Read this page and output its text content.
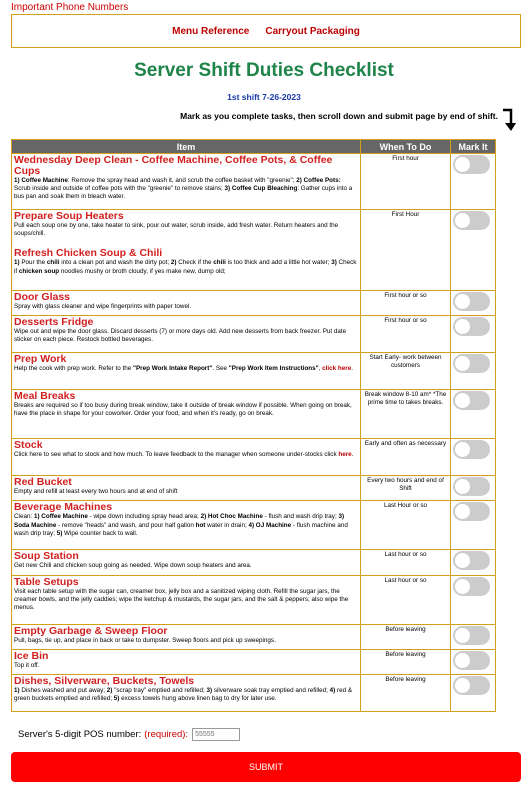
Important Phone Numbers
Menu Reference Carryout Packaging
Server Shift Duties Checklist
1st shift 7-26-2023
Mark as you complete tasks, then scroll down and submit page by end of shift.
Item	When To Do	Mark It

Wednesday Deep Clean - Coffee Machine, Coffee Pots, & Coffee Cups
1) Coffee Machine: Remove the spray head and wash it, and scrub the coffee basket with "greenie"; 2) Coffee Pots: Scrub inside and outside of coffee pots with the "greenie" to remove stains; 3) Coffee Cup Bleaching: Gather cups into a bus pan and soak them in bleach water.	First hour	

Prepare Soup Heaters
Pull each soup one by one, take heater to sink, pour out water, scrub inside, add fresh water. Return heaters and the soups/chill.
Refresh Chicken Soup & Chili
1) Pour the chili into a clean pot and wash the dirty pot; 2) Check if the chili is too thick and add a little hot water; 3) Check if chicken soup noodles mushy or broth cloudy, if yes make new, dump old;	First Hour	

Door Glass
Spray with glass cleaner and wipe fingerprints with paper towel.	First hour or so	

Desserts Fridge
Wipe out and wipe the door glass. Discard desserts (7) or more days old. Add new desserts from back freezer. Put date sticker on each piece. Restock bottled beverages.	First hour or so	

Prep Work
Help the cook with prep work. Refer to the "Prep Work Intake Report". See "Prep Work Item Instructions", click here.	Start Early- work between customers	

Meal Breaks
Breaks are required so if too busy during break window, take it outside of break window if possible. When going on break, have the place in shape for your coworker. Order your food, and when it's ready, go on break.	Break window 8-10 am* *The prime time to takes breaks.	

Stock
Click here to see what to stock and how much. To leave feedback to the manager when someone under-stocks click here.	Early and often as necessary	

Red Bucket
Empty and refill at least every two hours and at end of shift	Every two hours and end of Shift	

Beverage Machines
Clean: 1) Coffee Machine - wipe down including spray head area; 2) Hot Choc Machine - flush and wash drip tray; 3) Soda Machine - remove "heads" and wash, and pour half gallon hot water in drain; 4) OJ Machine - flush machine and wash drip tray; 5) Wipe counter back to wall.	Last Hour or so	

Soup Station
Get new Chili and chicken soup going as needed. Wipe down soup heaters and area.	Last hour or so	

Table Setups
Visit each table setup with the sugar can, creamer box, jelly box and a sanitized wiping cloth. Refill the sugar jars, the creamer bowls, and the jelly caddies; wipe the ketchup & mustards, the sugar jars, and the salt & peppers; also wipe the menus.	Last hour or so	

Empty Garbage & Sweep Floor
Pull, bags, tie up, and place in back or take to dumpster. Sweep floors and pick up sweepings.	Before leaving	

Ice Bin
Top it off.	Before leaving	

Dishes, Silverware, Buckets, Towels
1) Dishes washed and put away; 2) "scrap tray" emptied and refilled; 3) silverware soak tray emptied and refilled; 4) red & green buckets emptied and refilled; 5) excess towels hung above linen bag to dry for later use.	Before leaving	
Server's 5-digit POS number: (required):
55555
SUBMIT
